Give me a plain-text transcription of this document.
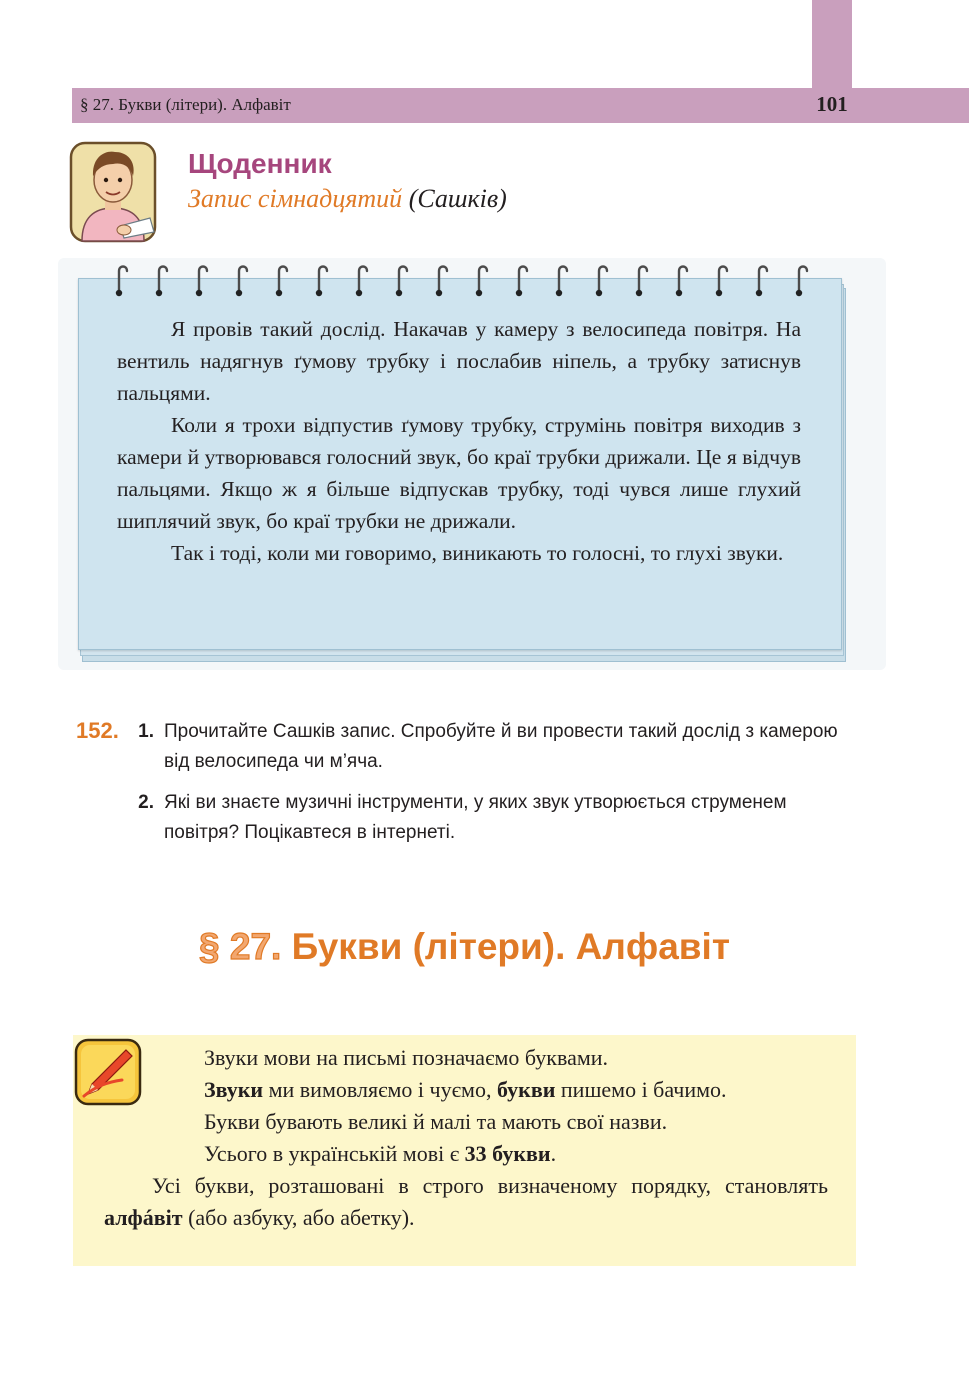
§ 27. Букви (літери). Алфавіт	101
Щоденник
Запис сімнадцятий (Сашків)

Я провів такий дослід. Накачав у камеру з велосипеда повітря. На вентиль надягнув ґумову трубку і послабив ніпель, а трубку затиснув пальцями.

Коли я трохи відпустив ґумову трубку, струмінь повітря виходив з камери й утворювався голосний звук, бо краї трубки дрижали. Це я відчув пальцями. Якщо ж я більше відпускав трубку, тоді чувся лише глухий шиплячий звук, бо краї трубки не дрижали.

Так і тоді, коли ми говоримо, виникають то голосні, то глухі звуки.

152.	1. Прочитайте Сашків запис. Спробуйте й ви провести такий дослід з камерою від велосипеда чи м’яча.
2. Які ви знаєте музичні інструменти, у яких звук утворюється струменем повітря? Поцікавтеся в інтернеті.
§ 27. Букви (літери). Алфавіт
Звуки мови на письмі позначаємо буквами.
Звуки ми вимовляємо і чуємо, букви пишемо і бачимо.
Букви бувають великі й малі та мають свої назви.
Усього в українській мові є 33 букви.
Усі букви, розташовані в строго визначеному порядку, становлять алфáвіт (або азбуку, або абетку).
